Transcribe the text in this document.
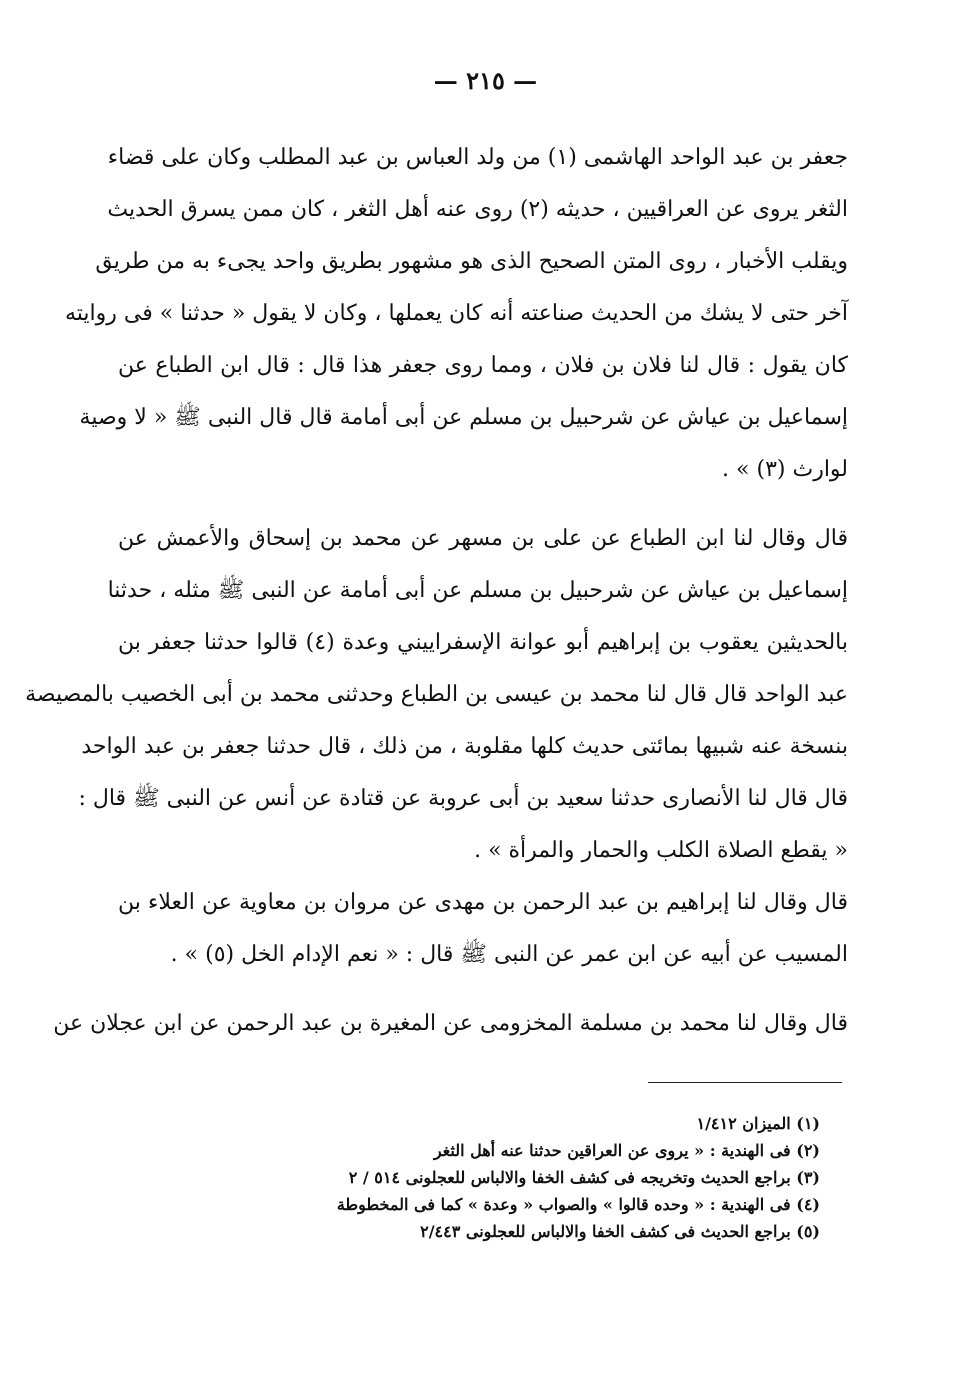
— ٢١٥ —
جعفر بن عبد الواحد الهاشمى (١) من ولد العباس بن عبد المطلب وكان على قضاء
الثغر يروى عن العراقيين ، حديثه (٢) روى عنه أهل الثغر ، كان ممن يسرق الحديث
ويقلب الأخبار ، روى المتن الصحيح الذى هو مشهور بطريق واحد يجىء به من طريق
آخر حتى لا يشك من الحديث صناعته أنه كان يعملها ، وكان لا يقول « حدثنا » فى روايته
كان يقول : قال لنا فلان بن فلان ، ومما روى جعفر هذا قال : قال ابن الطباع عن
إسماعيل بن عياش عن شرحبيل بن مسلم عن أبى أمامة قال قال النبى ﷺ « لا وصية
لوارث (٣) » .
قال وقال لنا ابن الطباع عن على بن مسهر عن محمد بن إسحاق والأعمش عن
إسماعيل بن عياش عن شرحبيل بن مسلم عن أبى أمامة عن النبى ﷺ مثله ، حدثنا
بالحديثين يعقوب بن إبراهيم أبو عوانة الإسفراييني وعدة (٤) قالوا حدثنا جعفر بن
عبد الواحد قال قال لنا محمد بن عيسى بن الطباع وحدثنى محمد بن أبى الخصيب بالمصيصة
بنسخة عنه شبيها بمائتى حديث كلها مقلوبة ، من ذلك ، قال حدثنا جعفر بن عبد الواحد
قال قال لنا الأنصارى حدثنا سعيد بن أبى عروبة عن قتادة عن أنس عن النبى ﷺ قال :
« يقطع الصلاة الكلب والحمار والمرأة » .
قال وقال لنا إبراهيم بن عبد الرحمن بن مهدى عن مروان بن معاوية عن العلاء بن
المسيب عن أبيه عن ابن عمر عن النبى ﷺ قال : « نعم الإدام الخل (٥) » .
قال وقال لنا محمد بن مسلمة المخزومى عن المغيرة بن عبد الرحمن عن ابن عجلان عن
(١) الميزان ١/٤١٢
(٢) فى الهندية : « يروى عن العراقين حدثنا عنه أهل الثغر
(٣) براجع الحديث وتخريجه فى كشف الخفا والالباس للعجلونى ٥١٤ / ٢
(٤) فى الهندية : « وحده قالوا » والصواب « وعدة » كما فى المخطوطة
(٥) براجع الحديث فى كشف الخفا والالباس للعجلونى ٢/٤٤٣
